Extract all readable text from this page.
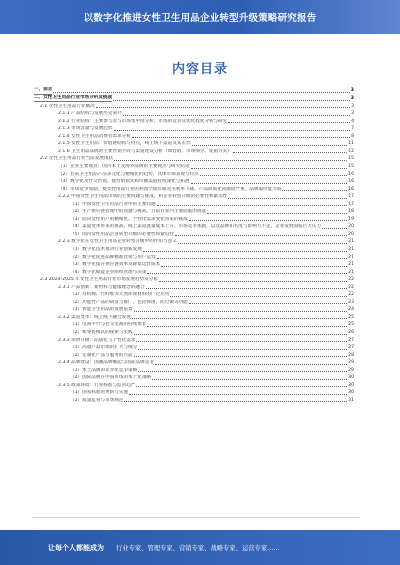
以数字化推进女性卫生用品企业转型升级策略研究报告
内容目录
一、前言	3
二、女性卫生用品行业市场分析及挑战	3
2.1 女性卫生用品行业概况	3
2.1.1 产品结构与发展历史简介	3
2.1.2 行业结构：主要参与者与市场集中度分析，市场的竞争及优化程度分析与研究	4
2.1.3 市场容量与发展趋势	7
2.1.4 女性卫生用品消费者需求分析	8
2.1.5 女性卫生用品：价值链结构与特点，线上线下渠道及其差异	11
2.1.6 卫生用品品牌的主要营销手段与渠道建设分析（如营销、市场细分、促销方式）	12
2.2 女性卫生用品行业当前发展现状	15
（1）企业主要观点：国内本土及海外品牌的主要观点与研究结论	15
（2）目前卫生用品产品多元化与精细化的趋势，具体市场表现与特点	16
（3）数字化及社交营销，使营销模式和传播渠道持续深化与拓展	16
（4）市场竞争加剧，使女性用品行业的利润空间压缩及毛利率下降，产品同质化问题较严重，品牌溢价能力弱	16
2.2.2 中国女性卫生用品市场的主要问题与挑战，和企业转型升级的必要性和紧迫性	17
（1）中国女性卫生用品行业中的主要问题	17
（2）生产供应链管理中的问题与挑战，目前行业内主要面临的挑战	18
（3）面向女性用户的精细化、个性化需求变化带来的挑战	19
（4）渠道变革带来的挑战，线上渠道流量成本上升，市场竞争加剧，以及品牌知名度与影响力不足，企业发展面临巨大压力	20
（5）国内女性用品企业转型升级的必要性和紧迫性	20
2.2.3 数字化在女性卫生用品企业转型升级中的作用与意义	21
（1）数字化技术推动行业创新发展	21
（2）数字化促进品牌精准营销与用户运营	21
（3）数字化提升供应链效率及降低运营成本	21
（4）数字化赋能企业组织管理与决策	21
2.3 2024-2025 年女性卫生用品行业市场发展趋势及分析	22
2.3.1 产品创新：新材料与健康理念的融合	22
（1）有机棉、竹纤维等天然环保材料的广泛应用	22
（2）功能性产品的研发与推广，包括抑菌、防过敏等功能	23
（3）智能卫生用品的发展前景	24
2.3.2 渠道变革：线上线下融合发展	25
（1）电商平台与社交电商的持续增长	25
（2）新零售模式的探索与实践	26
2.3.3 消费升级：品质化与个性化需求	27
（1）高端产品市场的扩大与细分	27
（2）定制化产品与服务的兴起	28
2.3.4 品牌建设：国潮品牌崛起与国际品牌竞争	29
（1）本土品牌的差异化竞争策略	29
（2）国际品牌在中国市场的本土化策略	30
2.3.5 政策环境：行业标准与监管趋严	30
（1）国家标准的更新与实施	30
（2）质量监管与市场规范	31
让每个人都能成为 行业专家、管理专家、营销专家、战略专家、运营专家……
